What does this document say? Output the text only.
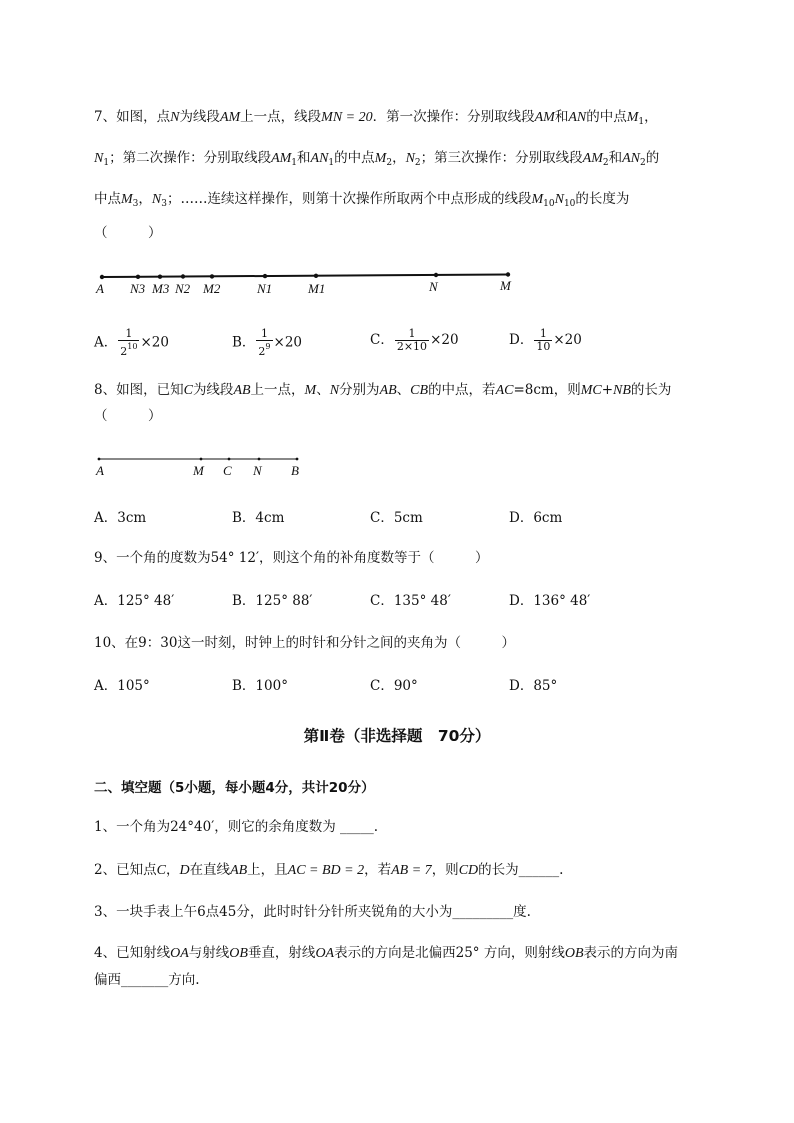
7、如图，点N为线段AM上一点，线段MN = 20．第一次操作：分别取线段AM和AN的中点$M_1$，
$N_1$；第二次操作：分别取线段$AM_1$和$AN_1$的中点$M_2$，$N_2$；第三次操作：分别取线段$AM_2$和$AN_2$的
中点$M_3$，$N_3$；……连续这样操作，则第十次操作所取两个中点形成的线段$M_{10}N_{10}$的长度为
（　　　）
A N3 M3 N2 M2	N1	M1	N	M
A． $\frac{1}{2^{10}} \times 20$	B． $\frac{1}{2^9} \times 20$	C． $\frac{1}{2\times 10} \times 20$	D． $\frac{1}{10} \times 20$
8、如图，已知C为线段AB上一点，M、N分别为AB、CB的中点，若AC=8cm，则MC+NB的长为
（　　　）
A	M C N B
A．3cm	B．4cm	C．5cm	D．6cm
9、一个角的度数为54° 12′，则这个角的补角度数等于（　　　）
A．125° 48′	B．125° 88′	C．135° 48′	D．136° 48′
10、在9：30这一时刻，时钟上的时针和分针之间的夹角为（　　　）
A．105°	B．100°	C．90°	D．85°
第Ⅱ卷（非选择题　70分）
二、填空题（5小题，每小题4分，共计20分）
1、一个角为24°40′，则它的余角度数为 _____.
2、已知点C，D在直线AB上，且AC = BD = 2，若AB = 7，则CD的长为______.
3、一块手表上午6点45分，此时时针分针所夹锐角的大小为_________度.
4、已知射线OA与射线OB垂直，射线OA表示的方向是北偏西25° 方向，则射线OB表示的方向为南
偏西_______方向.
